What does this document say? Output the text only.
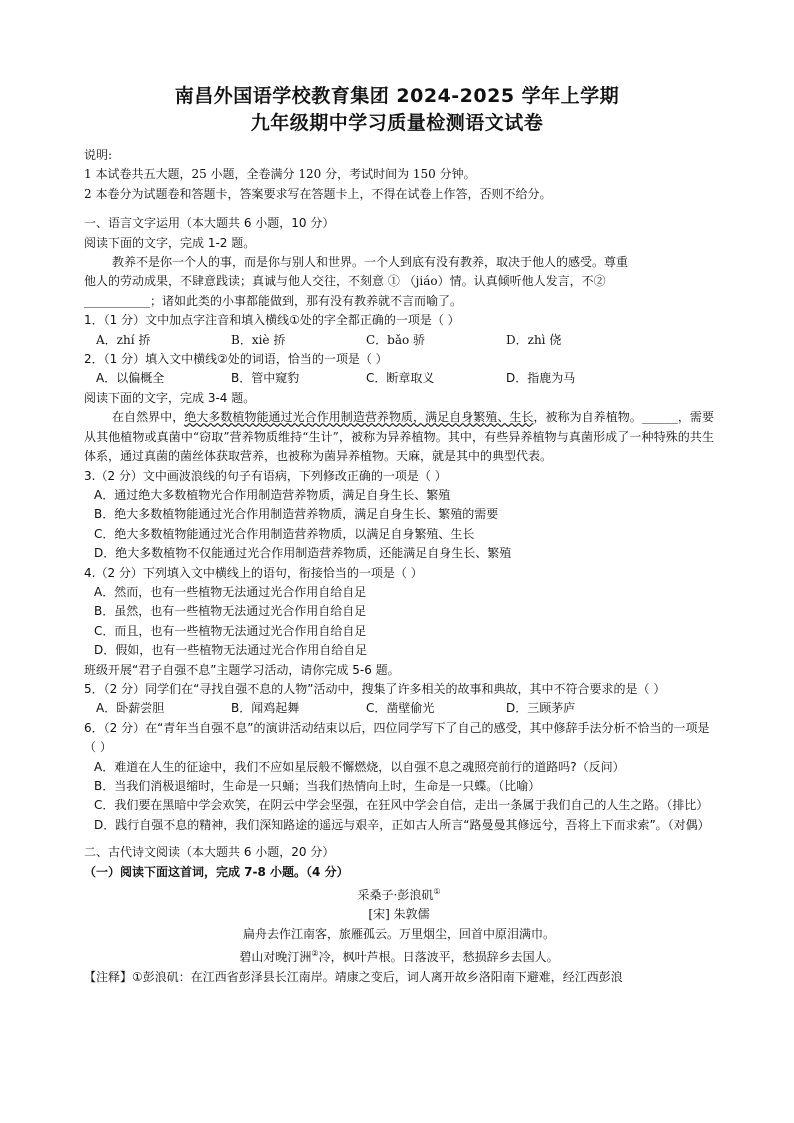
南昌外国语学校教育集团 2024-2025 学年上学期
九年级期中学习质量检测语文试卷
说明:
1 本试卷共五大题，25 小题，全卷满分 120 分，考试时间为 150 分钟。
2 本卷分为试题卷和答题卡，答案要求写在答题卡上，不得在试卷上作答，否则不给分。
一、语言文字运用（本大题共 6 小题，10 分）
阅读下面的文字，完成 1-2 题。
教养不是你一个人的事，而是你与别人和世界。一个人到底有没有教养，取决于他人的感受。尊重
他人的劳动成果，不肆意践读；真诚与他人交往，不刻意 ① （jiáo）情。认真倾听他人发言，不②
___________；诸如此类的小事都能做到，那有没有教养就不言而喻了。
1．（1 分）文中加点字注音和填入横线①处的字全都正确的一项是（ ）
A．zhí 挢	B．xiè 挢	C．bǎo 骄	D．zhì 侥
2．（1 分）填入文中横线②处的词语，恰当的一项是（ ）
A．以偏概全	B．管中窥豹	C．断章取义	D．指鹿为马
阅读下面的文字，完成 3-4 题。
在自然界中，绝大多数植物能通过光合作用制造营养物质，满足自身繁殖、生长，被称为自养植物。______，需要从其他植物或真菌中“窃取”营养物质维持“生计”，被称为异养植物。其中，有些异养植物与真菌形成了一种特殊的共生体系，通过真菌的菌丝体获取营养，也被称为菌异养植物。天麻，就是其中的典型代表。
3.（2 分）文中画波浪线的句子有语病，下列修改正确的一项是（ ）
A．通过绝大多数植物光合作用制造营养物质，满足自身生长、繁殖
B．绝大多数植物能通过光合作用制造营养物质，满足自身生长、繁殖的需要
C．绝大多数植物能通过光合作用制造营养物质，以满足自身繁殖、生长
D．绝大多数植物不仅能通过光合作用制造营养物质，还能满足自身生长、繁殖
4.（2 分）下列填入文中横线上的语句，衔接恰当的一项是（ ）
A．然而，也有一些植物无法通过光合作用自给自足
B．虽然，也有一些植物无法通过光合作用自给自足
C．而且，也有一些植物无法通过光合作用自给自足
D．假如，也有一些植物无法通过光合作用自给自足
班级开展“君子自强不息”主题学习活动，请你完成 5-6 题。
5．（2 分）同学们在“寻找自强不息的人物”活动中，搜集了许多相关的故事和典故，其中不符合要求的是（ ）
A．卧薪尝胆	B．闻鸡起舞	C．凿壁偷光	D．三顾茅庐
6．（2 分）在“青年当自强不息”的演讲活动结束以后，四位同学写下了自己的感受，其中修辞手法分析不恰当的一项是（ ）
A．难道在人生的征途中，我们不应如星辰般不懈燃烧，以自强不息之魂照亮前行的道路吗?（反问）
B．当我们消极退缩时，生命是一只蛹；当我们热情向上时，生命是一只蝶。（比喻）
C．我们要在黑暗中学会欢笑，在阴云中学会坚强，在狂风中学会自信，走出一条属于我们自己的人生之路。（排比）
D．践行自强不息的精神，我们深知路途的遥远与艰辛，正如古人所言“路曼曼其修远兮，吾将上下而求索”。（对偶）
二、古代诗文阅读（本大题共 6 小题，20 分）
（一）阅读下面这首词，完成 7-8 小题。（4 分）
采桑子·彭浪矶①
[宋] 朱敦儒
扁舟去作江南客，旅雁孤云。万里烟尘，回首中原泪满巾。
碧山对晚汀洲②冷，枫叶芦根。日落波平，愁损辞乡去国人。
【注释】①彭浪矶：在江西省彭泽县长江南岸。靖康之变后，词人离开故乡洛阳南下避难，经江西彭浪
